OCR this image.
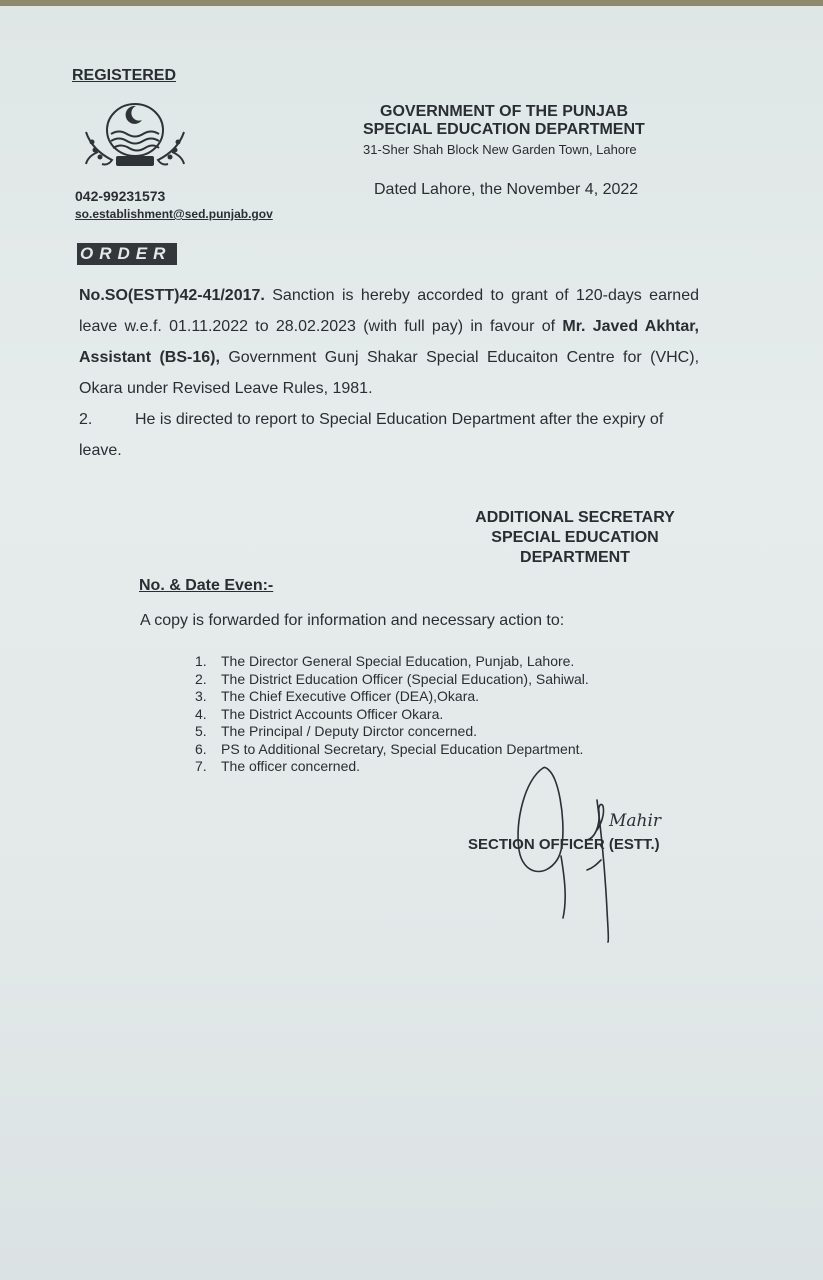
REGISTERED
042-99231573
so.establishment@sed.punjab.gov
GOVERNMENT OF THE PUNJAB
SPECIAL EDUCATION DEPARTMENT
31-Sher Shah Block New Garden Town, Lahore
Dated Lahore, the November 4, 2022
ORDER
No.SO(ESTT)42-41/2017. Sanction is hereby accorded to grant of 120-days earned leave w.e.f. 01.11.2022 to 28.02.2023 (with full pay) in favour of Mr. Javed Akhtar, Assistant (BS-16), Government Gunj Shakar Special Educaiton Centre for (VHC), Okara under Revised Leave Rules, 1981.
2.	He is directed to report to Special Education Department after the expiry of leave.
ADDITIONAL SECRETARY
SPECIAL EDUCATION
DEPARTMENT
No. & Date Even:-
A copy is forwarded for information and necessary action to:
1. The Director General Special Education, Punjab, Lahore.
2. The District Education Officer (Special Education), Sahiwal.
3. The Chief Executive Officer (DEA),Okara.
4. The District Accounts Officer Okara.
5. The Principal / Deputy Dirctor concerned.
6. PS to Additional Secretary, Special Education Department.
7. The officer concerned.
SECTION OFFICER (ESTT.)
Mahir
